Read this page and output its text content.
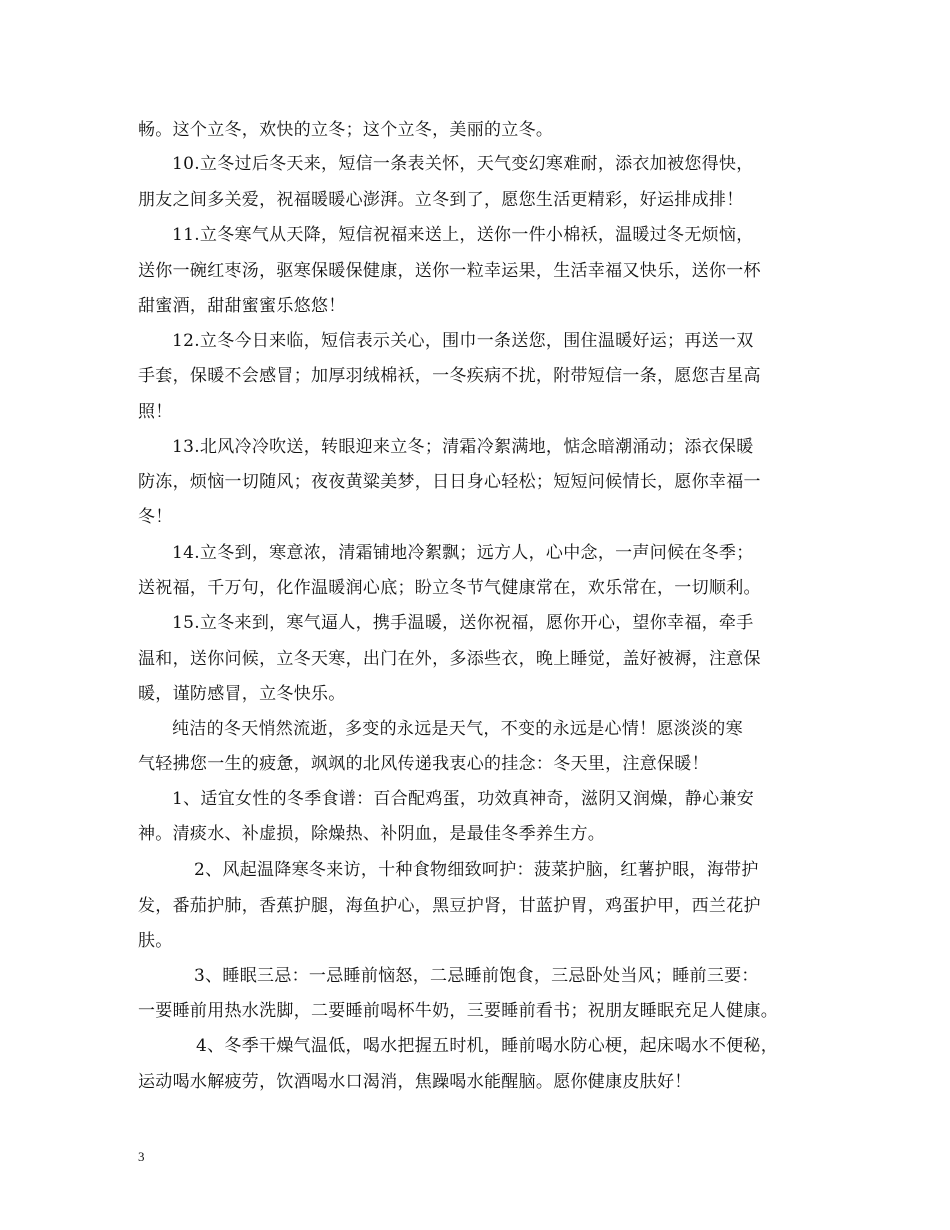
畅。这个立冬，欢快的立冬；这个立冬，美丽的立冬。
10.立冬过后冬天来，短信一条表关怀，天气变幻寒难耐，添衣加被您得快，
朋友之间多关爱，祝福暖暖心澎湃。立冬到了，愿您生活更精彩，好运排成排！
11.立冬寒气从天降，短信祝福来送上，送你一件小棉袄，温暖过冬无烦恼，
送你一碗红枣汤，驱寒保暖保健康，送你一粒幸运果，生活幸福又快乐，送你一杯
甜蜜酒，甜甜蜜蜜乐悠悠！
12.立冬今日来临，短信表示关心，围巾一条送您，围住温暖好运；再送一双
手套，保暖不会感冒；加厚羽绒棉袄，一冬疾病不扰，附带短信一条，愿您吉星高
照！
13.北风冷冷吹送，转眼迎来立冬；清霜冷絮满地，惦念暗潮涌动；添衣保暖
防冻，烦恼一切随风；夜夜黄粱美梦，日日身心轻松；短短问候情长，愿你幸福一
冬！
14.立冬到，寒意浓，清霜铺地冷絮飘；远方人，心中念，一声问候在冬季；
送祝福，千万句，化作温暖润心底；盼立冬节气健康常在，欢乐常在，一切顺利。
15.立冬来到，寒气逼人，携手温暖，送你祝福，愿你开心，望你幸福，牵手
温和，送你问候，立冬天寒，出门在外，多添些衣，晚上睡觉，盖好被褥，注意保
暖，谨防感冒，立冬快乐。
纯洁的冬天悄然流逝，多变的永远是天气，不变的永远是心情！愿淡淡的寒
气轻拂您一生的疲惫，飒飒的北风传递我衷心的挂念：冬天里，注意保暖！
1、适宜女性的冬季食谱：百合配鸡蛋，功效真神奇，滋阴又润燥，静心兼安
神。清痰水、补虚损，除燥热、补阴血，是最佳冬季养生方。
2、风起温降寒冬来访，十种食物细致呵护：菠菜护脑，红薯护眼，海带护
发，番茄护肺，香蕉护腿，海鱼护心，黑豆护肾，甘蓝护胃，鸡蛋护甲，西兰花护
肤。
3、睡眠三忌：一忌睡前恼怒，二忌睡前饱食，三忌卧处当风；睡前三要：
一要睡前用热水洗脚，二要睡前喝杯牛奶，三要睡前看书；祝朋友睡眠充足人健康。
4、冬季干燥气温低，喝水把握五时机，睡前喝水防心梗，起床喝水不便秘，
运动喝水解疲劳，饮酒喝水口渴消，焦躁喝水能醒脑。愿你健康皮肤好！
3
